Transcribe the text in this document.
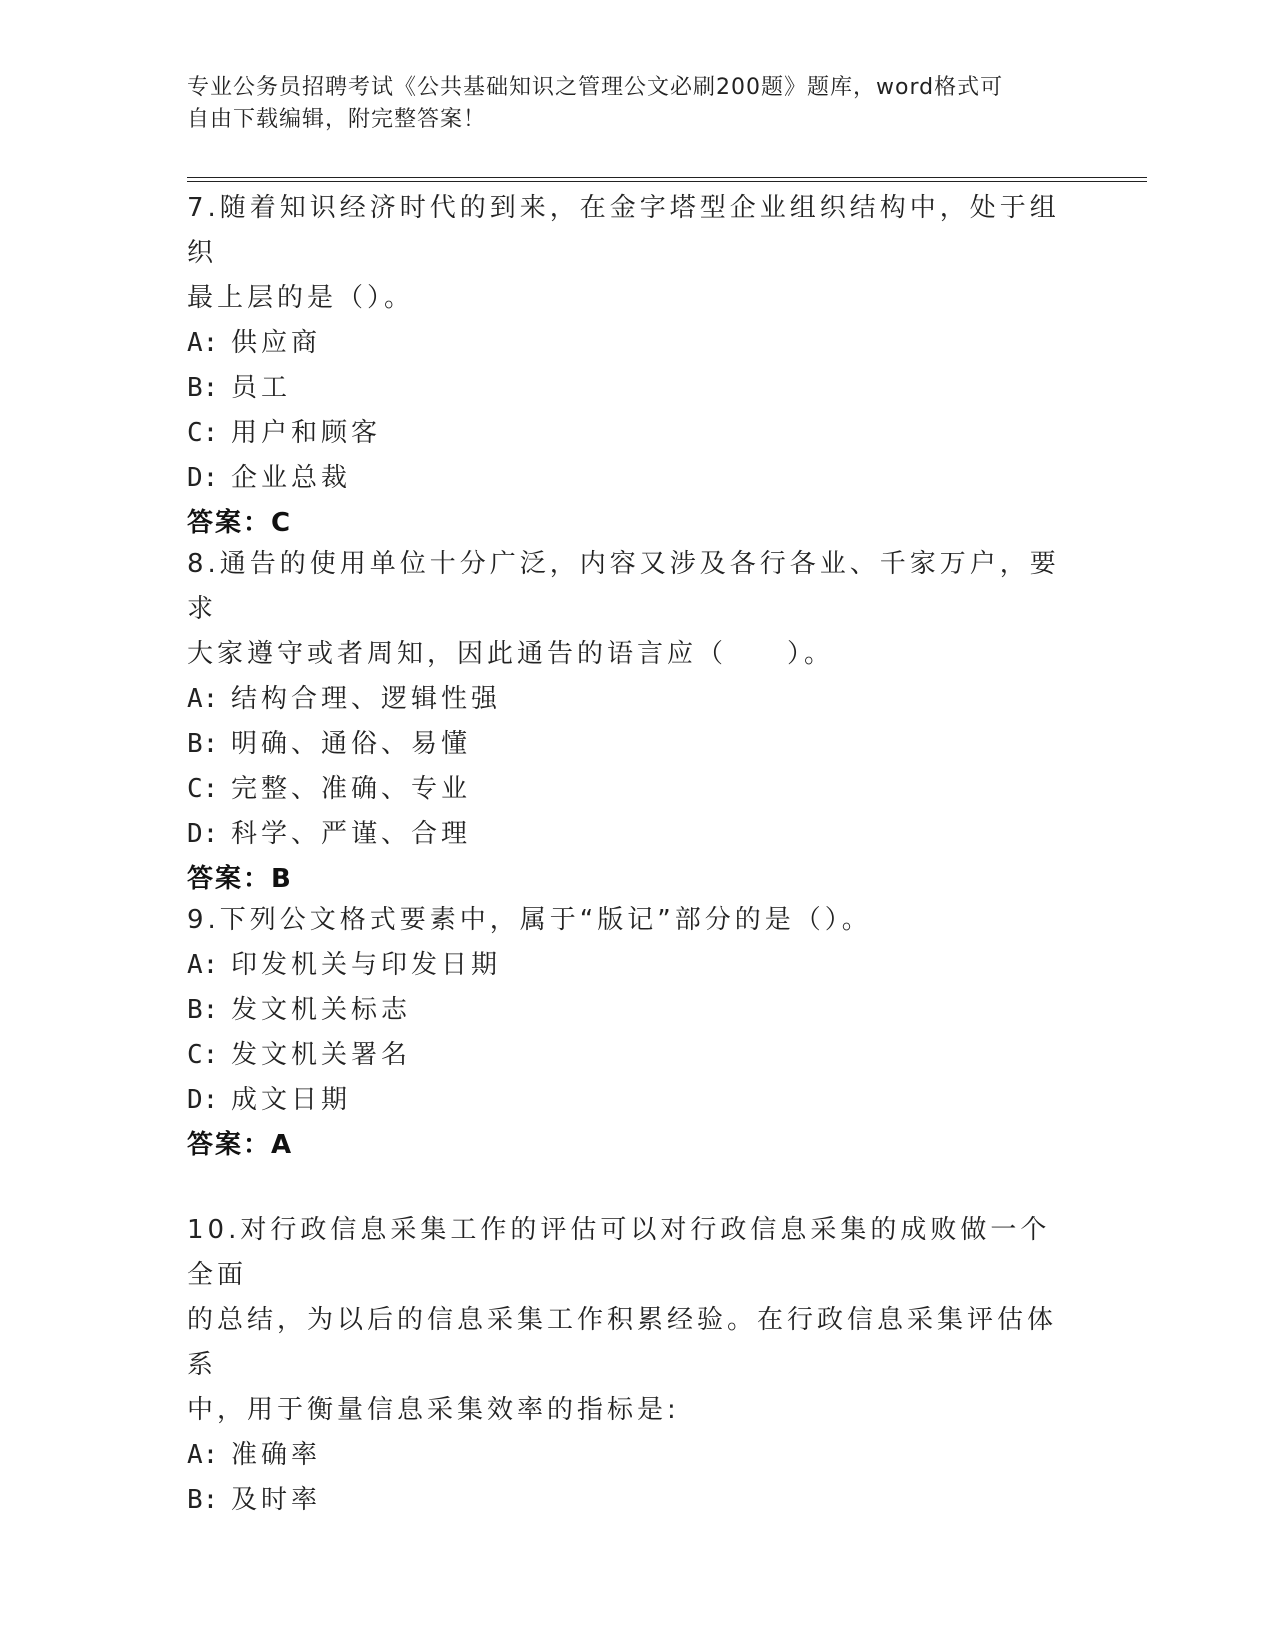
专业公务员招聘考试《公共基础知识之管理公文必刷200题》题库，word格式可
自由下载编辑，附完整答案！
7.随着知识经济时代的到来，在金字塔型企业组织结构中，处于组织
最上层的是（）。
A: 供应商
B: 员工
C: 用户和顾客
D: 企业总裁
答案：C
8.通告的使用单位十分广泛，内容又涉及各行各业、千家万户，要求
大家遵守或者周知，因此通告的语言应（　　）。
A: 结构合理、逻辑性强
B: 明确、通俗、易懂
C: 完整、准确、专业
D: 科学、严谨、合理
答案：B
9.下列公文格式要素中，属于“版记”部分的是（）。
A: 印发机关与印发日期
B: 发文机关标志
C: 发文机关署名
D: 成文日期
答案：A
10.对行政信息采集工作的评估可以对行政信息采集的成败做一个全面
的总结，为以后的信息采集工作积累经验。在行政信息采集评估体系
中，用于衡量信息采集效率的指标是:
A: 准确率
B: 及时率
